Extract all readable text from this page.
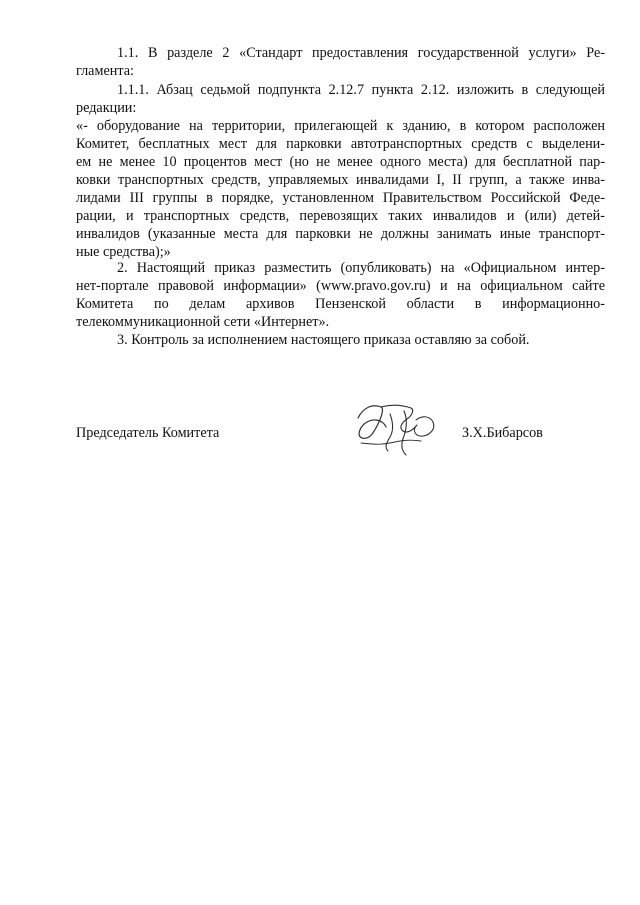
1.1. В разделе 2 «Стандарт предоставления государственной услуги» Ре-
гламента:
1.1.1. Абзац седьмой подпункта 2.12.7 пункта 2.12. изложить в следующей
редакции:
«- оборудование на территории, прилегающей к зданию, в котором расположен
Комитет, бесплатных мест для парковки автотранспортных средств с выделени-
ем не менее 10 процентов мест (но не менее одного места) для бесплатной пар-
ковки транспортных средств, управляемых инвалидами I, II групп, а также инва-
лидами III группы в порядке, установленном Правительством Российской Феде-
рации, и транспортных средств, перевозящих таких инвалидов и (или) детей-
инвалидов (указанные места для парковки не должны занимать иные транспорт-
ные средства);»
2. Настоящий приказ разместить (опубликовать) на «Официальном интер-
нет-портале правовой информации» (www.pravo.gov.ru) и на официальном сайте
Комитета по делам архивов Пензенской области в информационно-
телекоммуникационной сети «Интернет».
3. Контроль за исполнением настоящего приказа оставляю за собой.
Председатель Комитета	З.Х.Бибарсов
